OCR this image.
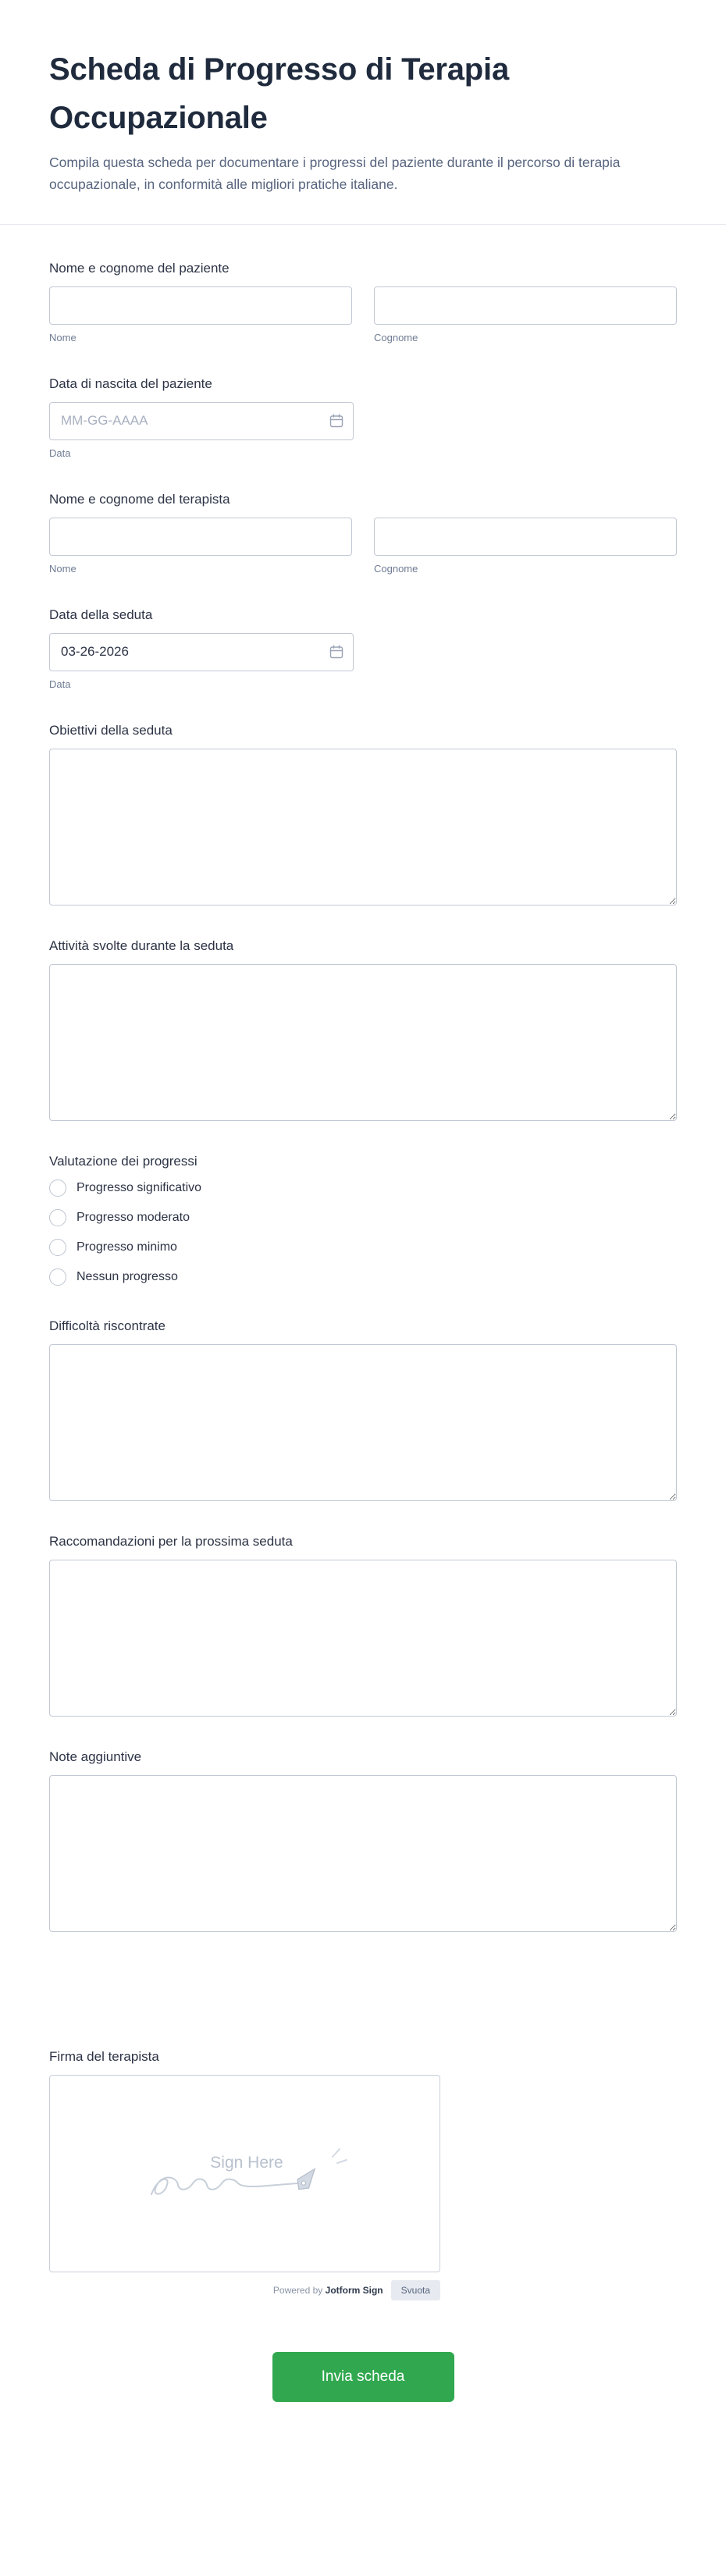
Scheda di Progresso di Terapia Occupazionale

Compila questa scheda per documentare i progressi del paziente durante il percorso di terapia occupazionale, in conformità alle migliori pratiche italiane.

Nome e cognome del paziente
Nome	Cognome
Data di nascita del paziente
MM-GG-AAAA
Data
Nome e cognome del terapista
Nome	Cognome
Data della seduta
03-26-2026
Data
Obiettivi della seduta
Attività svolte durante la seduta
Valutazione dei progressi
Progresso significativo
Progresso moderato
Progresso minimo
Nessun progresso
Difficoltà riscontrate
Raccomandazioni per la prossima seduta
Note aggiuntive
Firma del terapista
Sign Here
Powered by Jotform Sign	Svuota
Invia scheda
